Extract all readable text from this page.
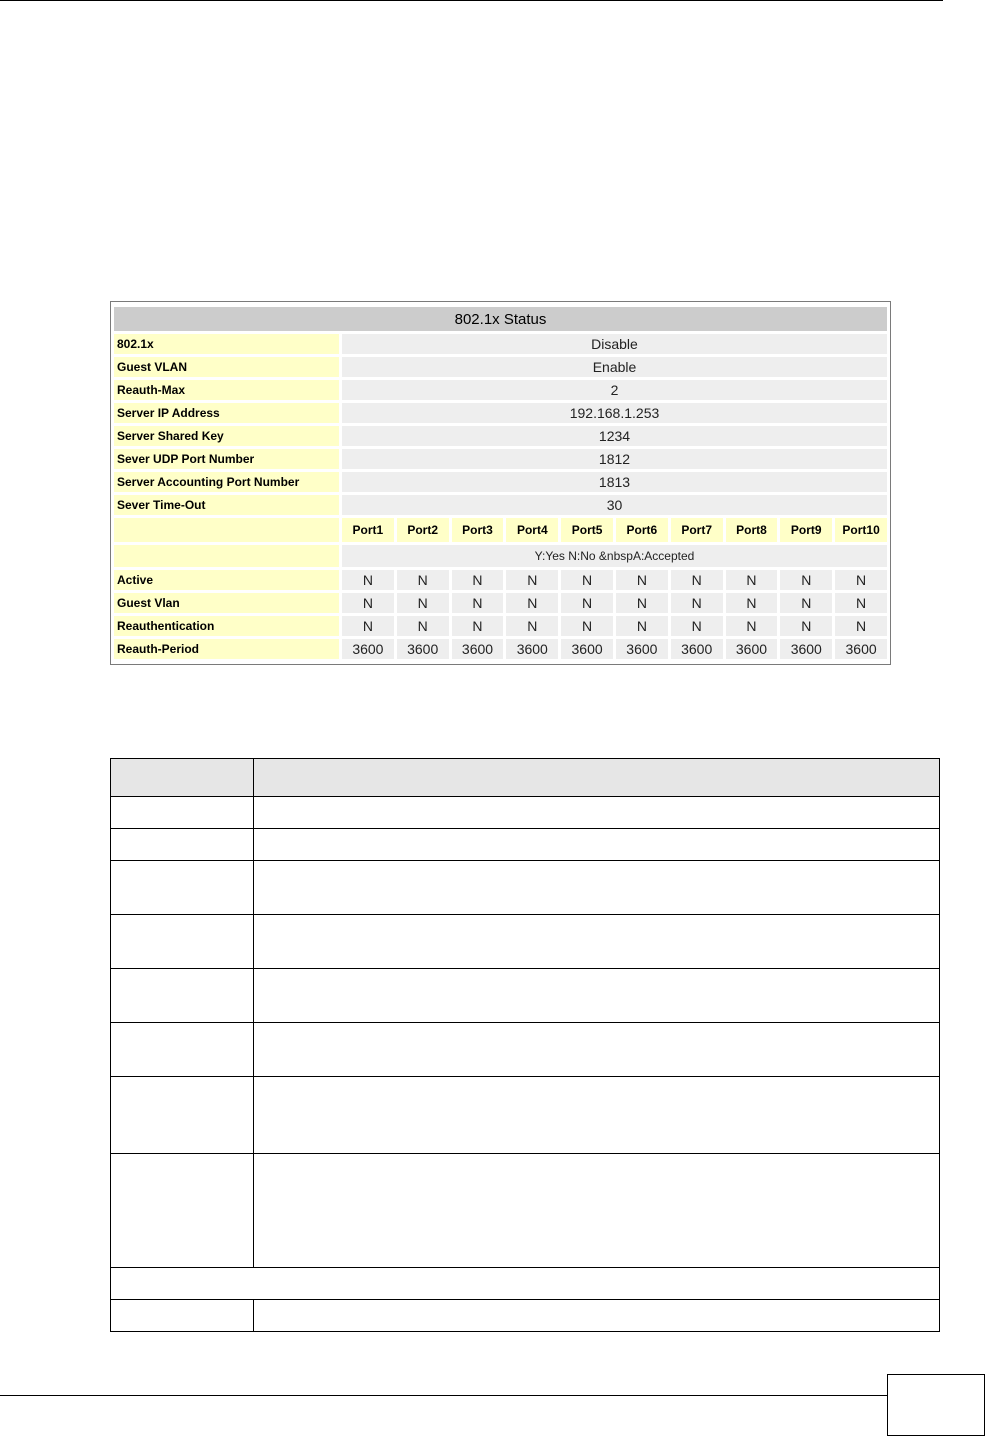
802.1x Status										
802.1x	Disable									
Guest VLAN	Enable									
Reauth-Max	2									
Server IP Address	192.168.1.253									
Server Shared Key	1234									
Sever UDP Port Number	1812									
Server Accounting Port Number	1813									
Sever Time-Out	30									
	Port1	Port2	Port3	Port4	Port5	Port6	Port7	Port8	Port9	Port10
	Y:Yes N:No &nbspA:Accepted									
Active	N	N	N	N	N	N	N	N	N	N
Guest Vlan	N	N	N	N	N	N	N	N	N	N
Reauthentication	N	N	N	N	N	N	N	N	N	N
Reauth-Period	3600	3600	3600	3600	3600	3600	3600	3600	3600	3600
